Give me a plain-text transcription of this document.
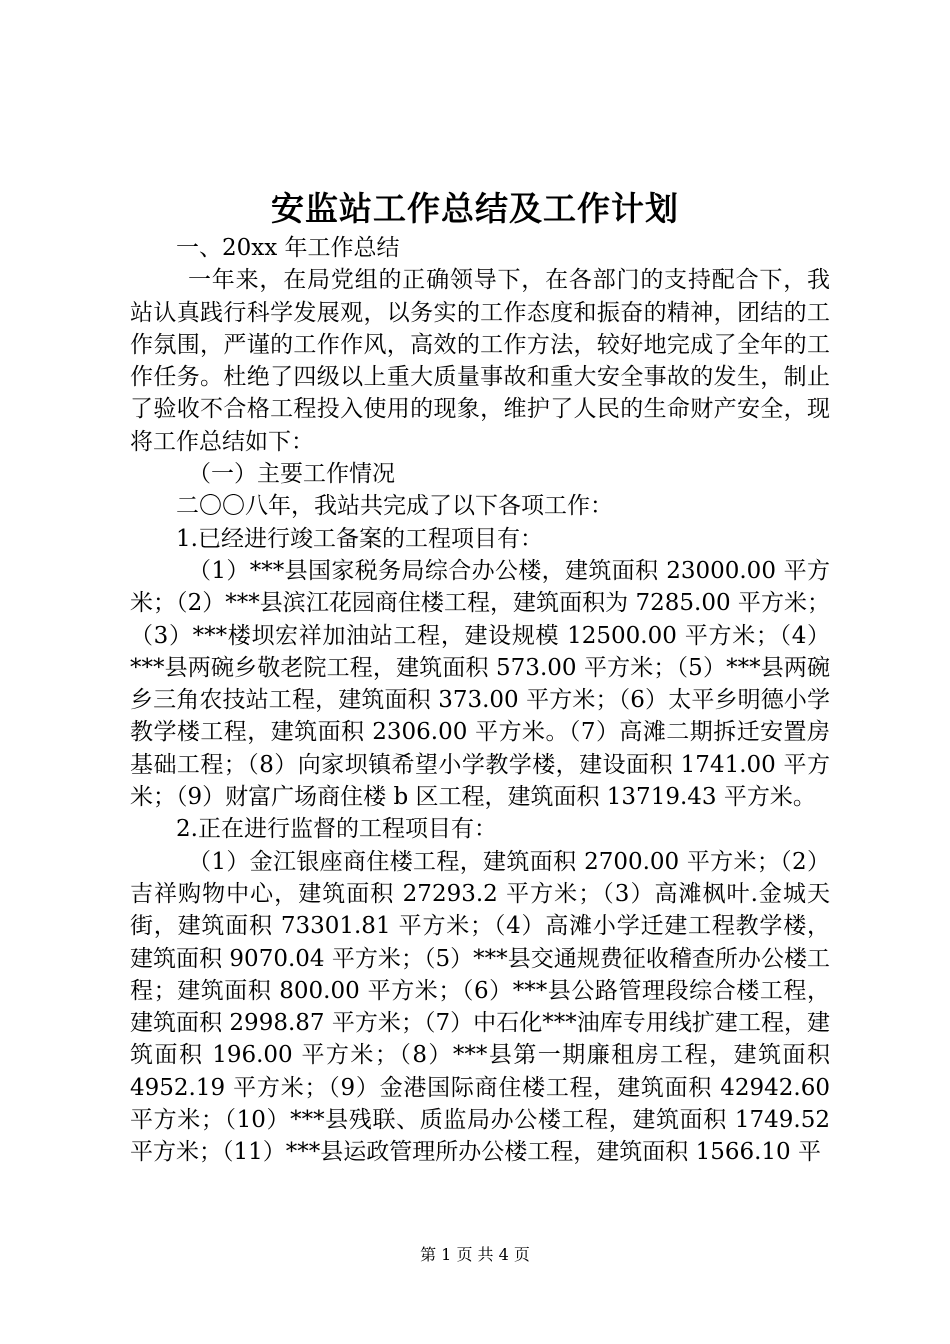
安监站工作总结及工作计划

一、20xx 年工作总结

一年来，在局党组的正确领导下，在各部门的支持配合下，我站认真践行科学发展观，以务实的工作态度和振奋的精神，团结的工作氛围，严谨的工作作风，高效的工作方法，较好地完成了全年的工作任务。杜绝了四级以上重大质量事故和重大安全事故的发生，制止了验收不合格工程投入使用的现象，维护了人民的生命财产安全，现将工作总结如下：

（一）主要工作情况

二〇〇八年，我站共完成了以下各项工作：

1.已经进行竣工备案的工程项目有：

（1）***县国家税务局综合办公楼，建筑面积 23000.00 平方米；（2）***县滨江花园商住楼工程，建筑面积为 7285.00 平方米；（3）***楼坝宏祥加油站工程，建设规模 12500.00 平方米；（4）***县两碗乡敬老院工程，建筑面积 573.00 平方米；（5）***县两碗乡三角农技站工程，建筑面积 373.00 平方米；（6）太平乡明德小学教学楼工程，建筑面积 2306.00 平方米。（7）高滩二期拆迁安置房基础工程；（8）向家坝镇希望小学教学楼，建设面积 1741.00 平方米；（9）财富广场商住楼 b 区工程，建筑面积 13719.43 平方米。

2.正在进行监督的工程项目有：

（1）金江银座商住楼工程，建筑面积 2700.00 平方米；（2）吉祥购物中心，建筑面积 27293.2 平方米；（3）高滩枫叶.金城天街，建筑面积 73301.81 平方米；（4）高滩小学迁建工程教学楼，建筑面积 9070.04 平方米；（5）***县交通规费征收稽查所办公楼工程；建筑面积 800.00 平方米；（6）***县公路管理段综合楼工程，建筑面积 2998.87 平方米；（7）中石化***油库专用线扩建工程，建筑面积 196.00 平方米；（8）***县第一期廉租房工程，建筑面积 4952.19 平方米；（9）金港国际商住楼工程，建筑面积 42942.60 平方米；（10）***县残联、质监局办公楼工程，建筑面积 1749.52 平方米；（11）***县运政管理所办公楼工程，建筑面积 1566.10 平

第 1 页 共 4 页
